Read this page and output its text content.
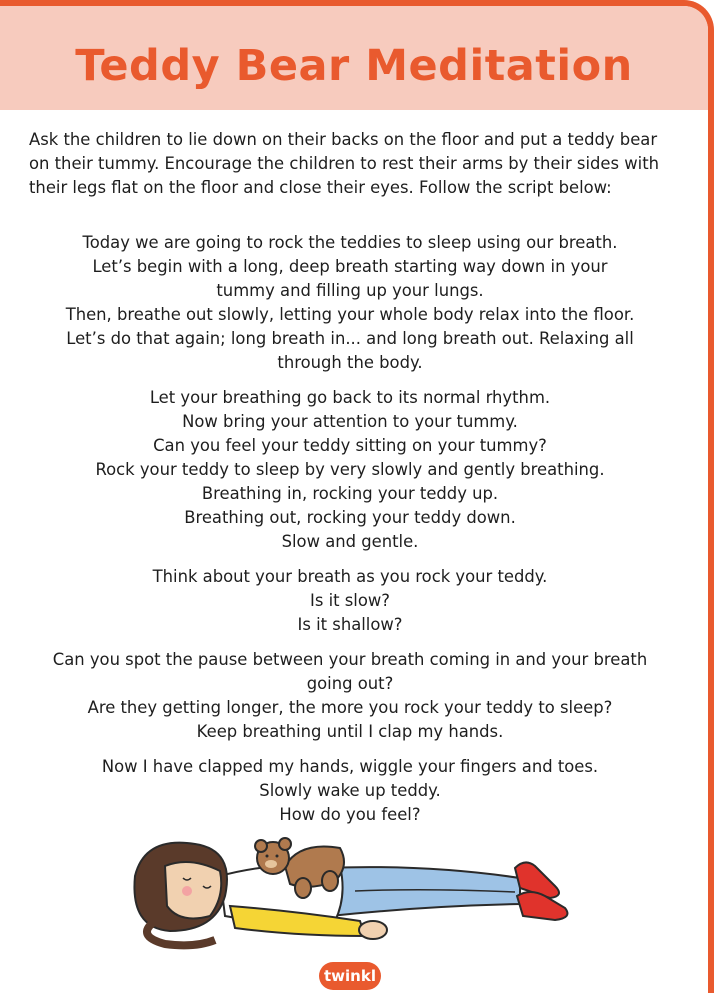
Teddy Bear Meditation

Ask the children to lie down on their backs on the floor and put a teddy bear on their tummy. Encourage the children to rest their arms by their sides with their legs flat on the floor and close their eyes. Follow the script below:

Today we are going to rock the teddies to sleep using our breath.
Let’s begin with a long, deep breath starting way down in your
tummy and filling up your lungs.
Then, breathe out slowly, letting your whole body relax into the floor.
Let’s do that again; long breath in... and long breath out. Relaxing all
through the body.

Let your breathing go back to its normal rhythm.
Now bring your attention to your tummy.
Can you feel your teddy sitting on your tummy?
Rock your teddy to sleep by very slowly and gently breathing.
Breathing in, rocking your teddy up.
Breathing out, rocking your teddy down.
Slow and gentle.

Think about your breath as you rock your teddy.
Is it slow?
Is it shallow?

Can you spot the pause between your breath coming in and your breath
going out?
Are they getting longer, the more you rock your teddy to sleep?
Keep breathing until I clap my hands.

Now I have clapped my hands, wiggle your fingers and toes.
Slowly wake up teddy.
How do you feel?

twinkl
